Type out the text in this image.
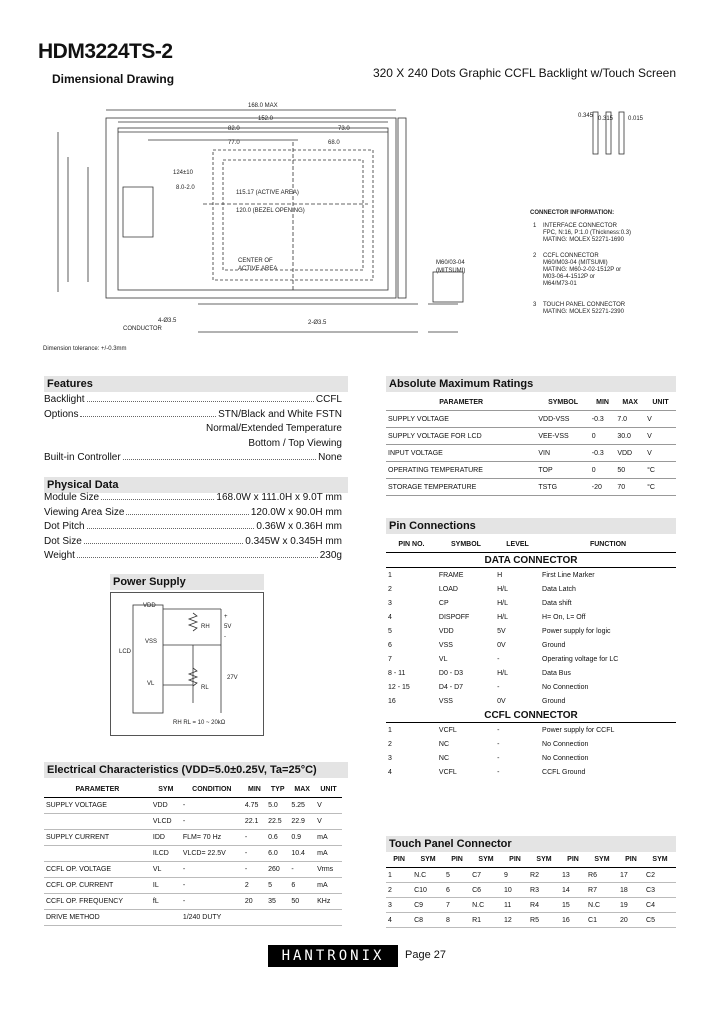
HDM3224TS-2
Dimensional Drawing	320 X 240 Dots Graphic CCFL Backlight w/Touch Screen
168.0 MAX
152.0
82.0	73.0
77.0	68.0
124±10
8.0-2.0
115.17 (ACTIVE AREA)
120.0 (BEZEL OPENING)
CENTER OF
ACTIVE AREA
2-Ø3.5
4-Ø3.5
CONDUCTOR
Dimension tolerance: +/-0.3mm
M60/03-04
(MITSUMI)
0.345 0.315 0.015
CONNECTOR INFORMATION:
INTERFACE CONNECTOR
FPC, N:16, P:1.0 (Thickness:0.3)
MATING: MOLEX 52271-1690
CCFL CONNECTOR
M60/M03-04 (MITSUMI)
MATING: M60-2-02-1512P or
M03-06-4-1512P or
M64/M73-01
TOUCH PANEL CONNECTOR
MATING: MOLEX 52271-2390
1
2
3
Features
Backlight	CCFL
Options	STN/Black and White FSTN
Normal/Extended Temperature
Bottom / Top Viewing
Built-in Controller	None
Physical Data
Module Size	168.0W x 111.0H x 9.0T mm
Viewing Area Size	120.0W x 90.0H mm
Dot Pitch	0.36W x 0.36H mm
Dot Size	0.345W x 0.345H mm
Weight	230g
Power Supply
VDD
VSS
VL
LCD
RH
RL
+
-
5V
27V
RH RL = 10 ~ 20kΩ
Absolute Maximum Ratings
PARAMETER	SYMBOL	MIN	MAX	UNIT
SUPPLY VOLTAGE	VDD-VSS	-0.3	7.0	V
SUPPLY VOLTAGE FOR LCD	VEE-VSS	0	30.0	V
INPUT VOLTAGE	VIN	-0.3	VDD	V
OPERATING TEMPERATURE	TOP	0	50	°C
STORAGE TEMPERATURE	TSTG	-20	70	°C
Pin Connections
PIN NO.	SYMBOL	LEVEL	FUNCTION
DATA CONNECTOR			
1	FRAME	H	First Line Marker
2	LOAD	H/L	Data Latch
3	CP	H/L	Data shift
4	DISPOFF	H/L	H= On, L= Off
5	VDD	5V	Power supply for logic
6	VSS	0V	Ground
7	VL	-	Operating voltage for LC
8 - 11	D0 - D3	H/L	Data Bus
12 - 15	D4 - D7	-	No Connection
16	VSS	0V	Ground
CCFL CONNECTOR			
1	VCFL	-	Power supply for CCFL
2	NC	-	No Connection
3	NC	-	No Connection
4	VCFL	-	CCFL Ground
Electrical Characteristics (VDD=5.0±0.25V, Ta=25°C)
PARAMETER	SYM	CONDITION	MIN	TYP	MAX	UNIT
SUPPLY VOLTAGE	VDD	-	4.75	5.0	5.25	V
	VLCD	-	22.1	22.5	22.9	V
SUPPLY CURRENT	IDD	FLM= 70 Hz	-	0.6	0.9	mA
	ILCD	VLCD= 22.5V	-	6.0	10.4	mA
CCFL OP. VOLTAGE	VL	-	-	260	-	Vrms
CCFL OP. CURRENT	IL	-	2	5	6	mA
CCFL OP. FREQUENCY	fL	-	20	35	50	KHz
DRIVE METHOD		1/240 DUTY				
Touch Panel Connector
PIN	SYM	PIN	SYM	PIN	SYM	PIN	SYM	PIN	SYM
1	N.C	5	C7	9	R2	13	R6	17	C2
2	C10	6	C6	10	R3	14	R7	18	C3
3	C9	7	N.C	11	R4	15	N.C	19	C4
4	C8	8	R1	12	R5	16	C1	20	C5
HANTRONIX	Page 27
